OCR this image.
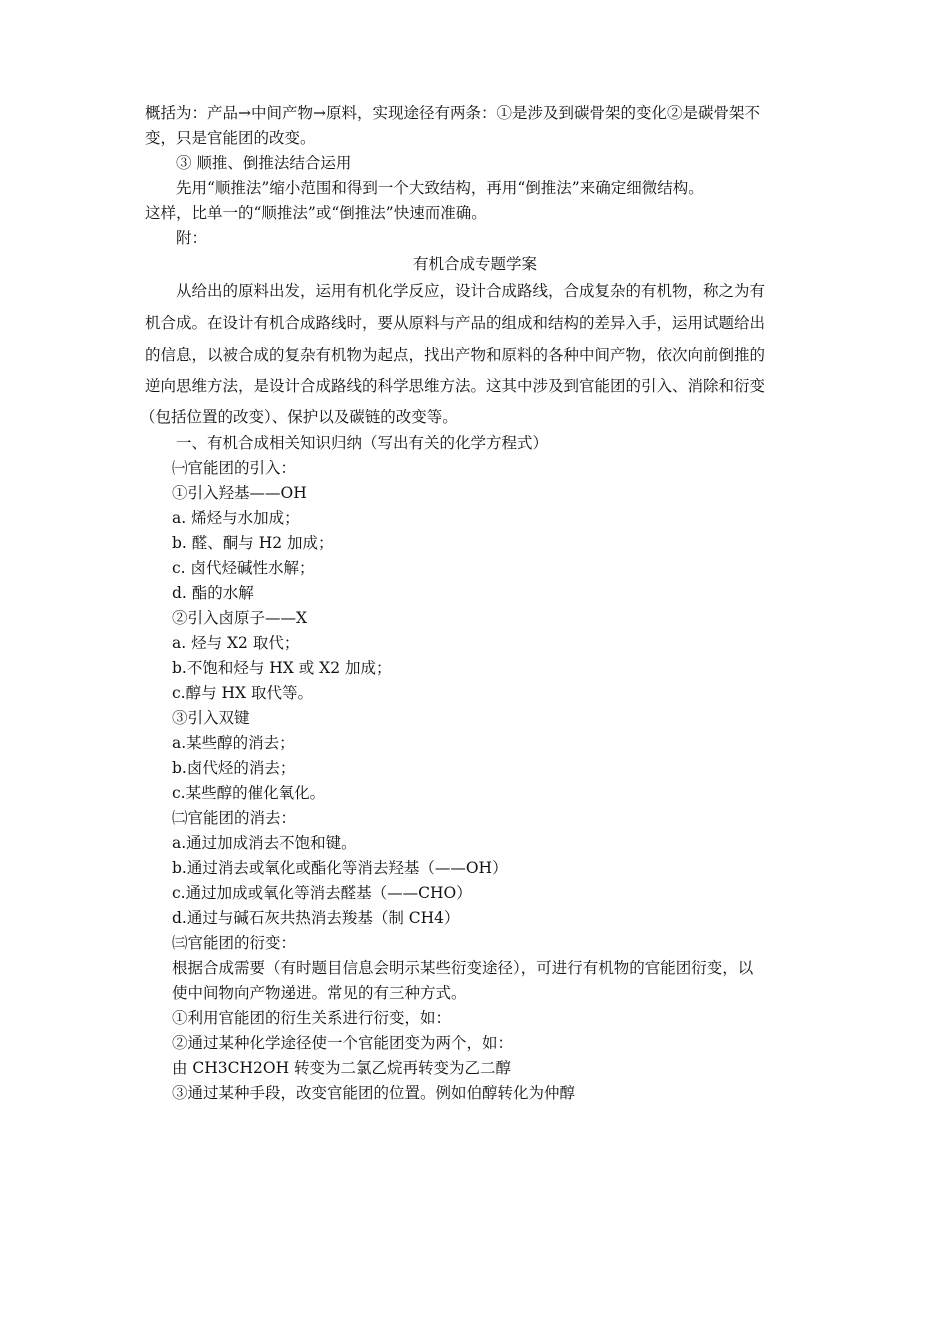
概括为：产品→中间产物→原料，实现途径有两条：①是涉及到碳骨架的变化②是碳骨架不
变，只是官能团的改变。
③ 顺推、倒推法结合运用
先用“顺推法”缩小范围和得到一个大致结构，再用“倒推法”来确定细微结构。
这样，比单一的“顺推法”或“倒推法”快速而准确。
附：
有机合成专题学案
从给出的原料出发，运用有机化学反应，设计合成路线，合成复杂的有机物，称之为有
机合成。在设计有机合成路线时，要从原料与产品的组成和结构的差异入手，运用试题给出
的信息，以被合成的复杂有机物为起点，找出产物和原料的各种中间产物，依次向前倒推的
逆向思维方法，是设计合成路线的科学思维方法。这其中涉及到官能团的引入、消除和衍变
（包括位置的改变）、保护以及碳链的改变等。
一、有机合成相关知识归纳（写出有关的化学方程式）
㈠官能团的引入：
①引入羟基——OH
a. 烯烃与水加成；
b. 醛、酮与 H2 加成；
c. 卤代烃碱性水解；
d. 酯的水解
②引入卤原子——X
a. 烃与 X2 取代；
b.不饱和烃与 HX 或 X2 加成；
c.醇与 HX 取代等。
③引入双键
a.某些醇的消去；
b.卤代烃的消去；
c.某些醇的催化氧化。
㈡官能团的消去：
a.通过加成消去不饱和键。
b.通过消去或氧化或酯化等消去羟基（——OH）
c.通过加成或氧化等消去醛基（——CHO）
d.通过与碱石灰共热消去羧基（制 CH4）
㈢官能团的衍变：
根据合成需要（有时题目信息会明示某些衍变途径），可进行有机物的官能团衍变，以
使中间物向产物递进。常见的有三种方式。
①利用官能团的衍生关系进行衍变，如：
②通过某种化学途径使一个官能团变为两个，如：
由 CH3CH2OH 转变为二氯乙烷再转变为乙二醇
③通过某种手段，改变官能团的位置。例如伯醇转化为仲醇
